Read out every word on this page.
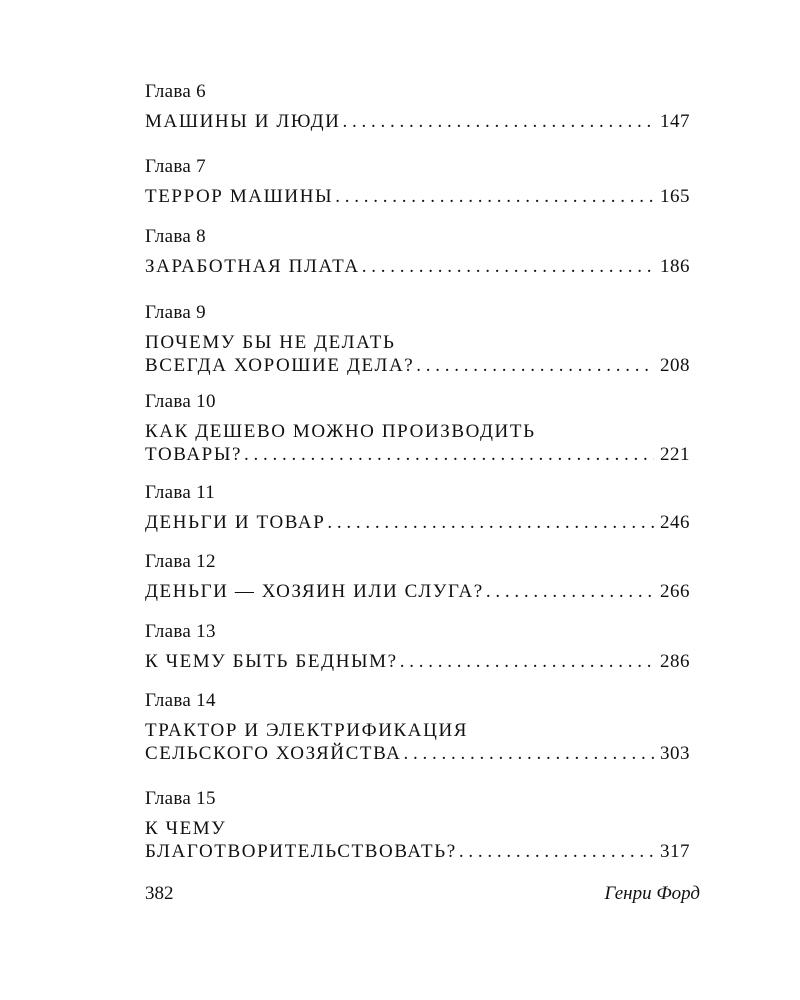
Глава 6
МАШИНЫ И ЛЮДИ . . .	147
Глава 7
ТЕРРОР МАШИНЫ . . .	165
Глава 8
ЗАРАБОТНАЯ ПЛАТА . . .	186
Глава 9
ПОЧЕМУ БЫ НЕ ДЕЛАТЬ
ВСЕГДА ХОРОШИЕ ДЕЛА? . . .	208
Глава 10
КАК ДЕШЕВО МОЖНО ПРОИЗВОДИТЬ
ТОВАРЫ? . . .	221
Глава 11
ДЕНЬГИ И ТОВАР . . .	246
Глава 12
ДЕНЬГИ — ХОЗЯИН ИЛИ СЛУГА? . . .	266
Глава 13
К ЧЕМУ БЫТЬ БЕДНЫМ? . . .	286
Глава 14
ТРАКТОР И ЭЛЕКТРИФИКАЦИЯ
СЕЛЬСКОГО ХОЗЯЙСТВА . . .	303
Глава 15
К ЧЕМУ
БЛАГОТВОРИТЕЛЬСТВОВАТЬ? . . .	317
382	Генри Форд
